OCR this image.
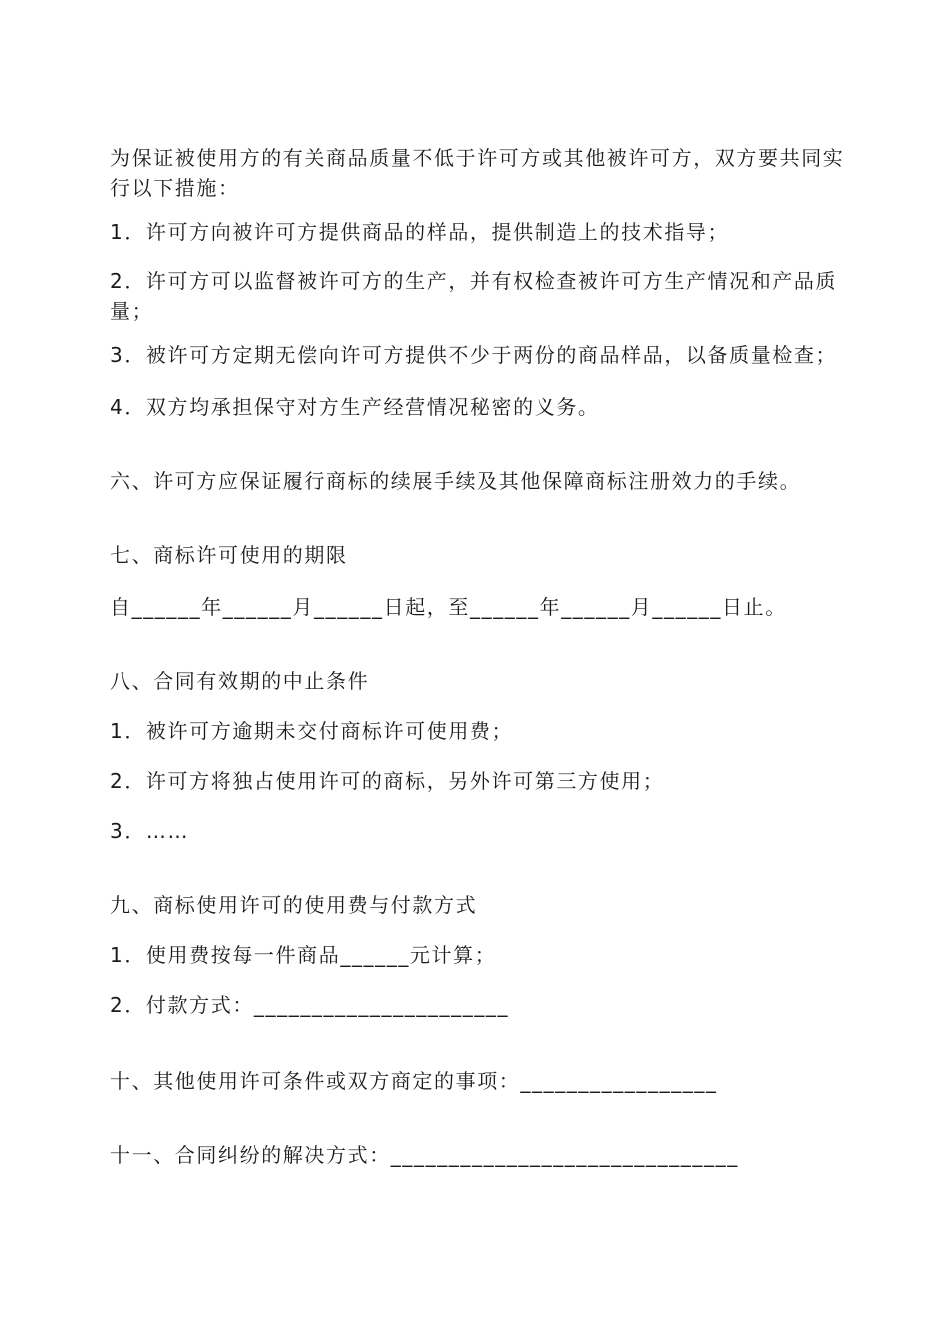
为保证被使用方的有关商品质量不低于许可方或其他被许可方，双方要共同实行以下措施：
1．许可方向被许可方提供商品的样品，提供制造上的技术指导；
2．许可方可以监督被许可方的生产，并有权检查被许可方生产情况和产品质量；
3．被许可方定期无偿向许可方提供不少于两份的商品样品，以备质量检查；
4．双方均承担保守对方生产经营情况秘密的义务。
六、许可方应保证履行商标的续展手续及其他保障商标注册效力的手续。
七、商标许可使用的期限
自______年______月______日起，至______年______月______日止。
八、合同有效期的中止条件
1．被许可方逾期未交付商标许可使用费；
2．许可方将独占使用许可的商标，另外许可第三方使用；
3．……
九、商标使用许可的使用费与付款方式
1．使用费按每一件商品______元计算；
2．付款方式：______________________
十、其他使用许可条件或双方商定的事项：_________________
十一、合同纠纷的解决方式：______________________________
